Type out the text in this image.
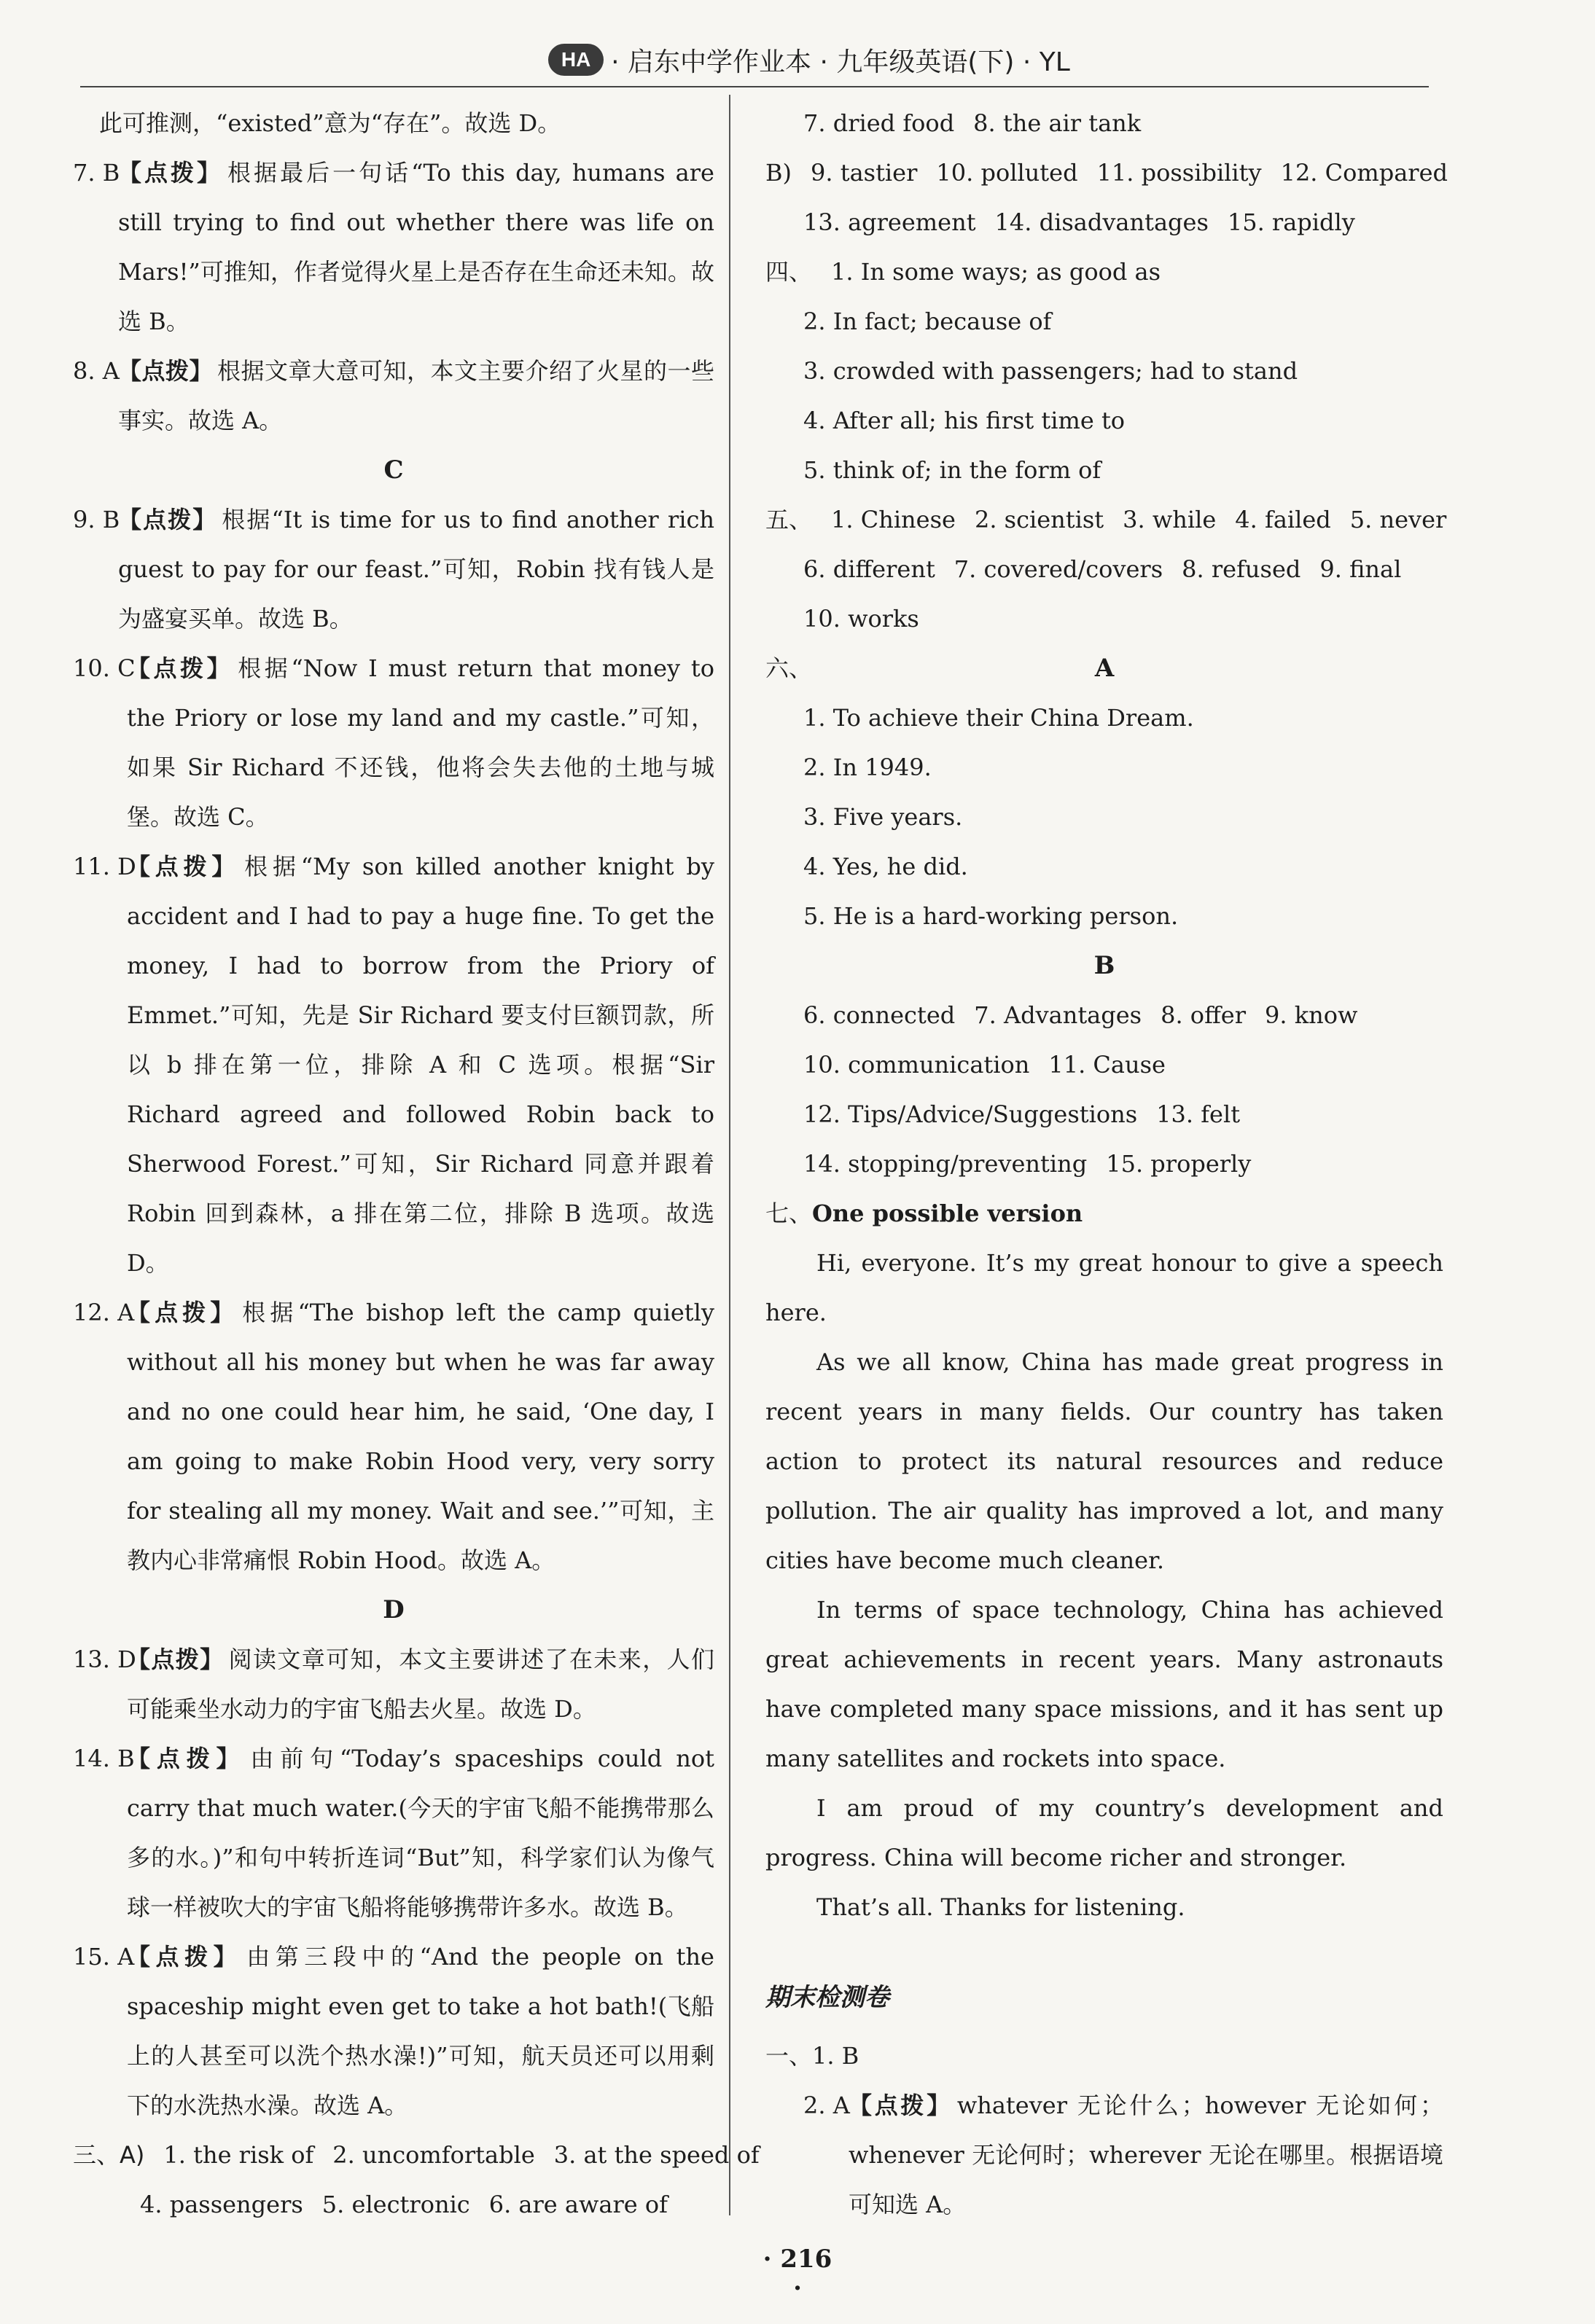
HA · 启东中学作业本 · 九年级英语(下) · YL
此可推测，“existed”意为“存在”。故选 D。
7. B
【点拨】 根据最后一句话“To this day, humans are still trying to find out whether there was life on Mars!”可推知，作者觉得火星上是否存在生命还未知。故选 B。
8. A
【点拨】 根据文章大意可知，本文主要介绍了火星的一些事实。故选 A。
C
9. B
【点拨】 根据“It is time for us to find another rich guest to pay for our feast.”可知，Robin 找有钱人是为盛宴买单。故选 B。
10. C
【点拨】 根据“Now I must return that money to the Priory or lose my land and my castle.”可知，如果 Sir Richard 不还钱，他将会失去他的土地与城堡。故选 C。
11. D
【点拨】 根据“My son killed another knight by accident and I had to pay a huge fine. To get the money, I had to borrow from the Priory of Emmet.”可知，先是 Sir Richard 要支付巨额罚款，所以 b 排在第一位，排除 A 和 C 选项。根据“Sir Richard agreed and followed Robin back to Sherwood Forest.”可知，Sir Richard 同意并跟着 Robin 回到森林，a 排在第二位，排除 B 选项。故选 D。
12. A
【点拨】 根据“The bishop left the camp quietly without all his money but when he was far away and no one could hear him, he said, ‘One day, I am going to make Robin Hood very, very sorry for stealing all my money. Wait and see.’”可知，主教内心非常痛恨 Robin Hood。故选 A。
D
13. D
【点拨】 阅读文章可知，本文主要讲述了在未来，人们可能乘坐水动力的宇宙飞船去火星。故选 D。
14. B
【点拨】 由前句“Today’s spaceships could not carry that much water.(今天的宇宙飞船不能携带那么多的水。)”和句中转折连词“But”知，科学家们认为像气球一样被吹大的宇宙飞船将能够携带许多水。故选 B。
15. A
【点拨】 由第三段中的“And the people on the spaceship might even get to take a hot bath!(飞船上的人甚至可以洗个热水澡!)”可知，航天员还可以用剩下的水洗热水澡。故选 A。
三、A) 1. the risk of 2. uncomfortable 3. at the speed of
4. passengers 5. electronic 6. are aware of
7. dried food 8. the air tank
B) 9. tastier 10. polluted 11. possibility 12. Compared
13. agreement 14. disadvantages 15. rapidly
四、 1. In some ways; as good as
2. In fact; because of
3. crowded with passengers; had to stand
4. After all; his first time to
5. think of; in the form of
五、 1. Chinese 2. scientist 3. while 4. failed 5. never
6. different 7. covered/covers 8. refused 9. final
10. works
六、	A
1. To achieve their China Dream.
2. In 1949.
3. Five years.
4. Yes, he did.
5. He is a hard-working person.
B
6. connected 7. Advantages 8. offer 9. know
10. communication 11. Cause
12. Tips/Advice/Suggestions 13. felt
14. stopping/preventing 15. properly
七、 One possible version

Hi, everyone. It’s my great honour to give a speech here.

As we all know, China has made great progress in recent years in many fields. Our country has taken action to protect its natural resources and reduce pollution. The air quality has improved a lot, and many cities have become much cleaner.

In terms of space technology, China has achieved great achievements in recent years. Many astronauts have completed many space missions, and it has sent up many satellites and rockets into space.

I am proud of my country’s development and progress. China will become richer and stronger.

That’s all. Thanks for listening.

期末检测卷
一、 1. B
2. A
【点拨】 whatever 无论什么；however 无论如何；whenever 无论何时；wherever 无论在哪里。根据语境可知选 A。
· 216 ·
